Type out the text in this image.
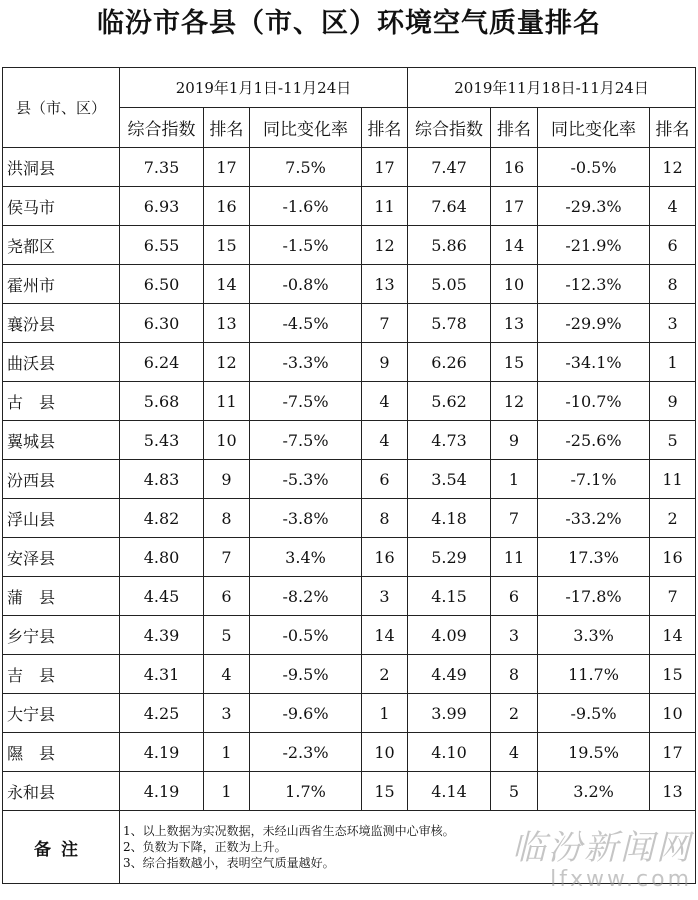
临汾市各县（市、区）环境空气质量排名
县（市、区）	2019年1月1日-11月24日				2019年11月18日-11月24日			
	综合指数	排名	同比变化率	排名	综合指数	排名	同比变化率	排名
洪洞县	7.35	17	7.5%	17	7.47	16	-0.5%	12
侯马市	6.93	16	-1.6%	11	7.64	17	-29.3%	4
尧都区	6.55	15	-1.5%	12	5.86	14	-21.9%	6
霍州市	6.50	14	-0.8%	13	5.05	10	-12.3%	8
襄汾县	6.30	13	-4.5%	7	5.78	13	-29.9%	3
曲沃县	6.24	12	-3.3%	9	6.26	15	-34.1%	1
古　县	5.68	11	-7.5%	4	5.62	12	-10.7%	9
翼城县	5.43	10	-7.5%	4	4.73	9	-25.6%	5
汾西县	4.83	9	-5.3%	6	3.54	1	-7.1%	11
浮山县	4.82	8	-3.8%	8	4.18	7	-33.2%	2
安泽县	4.80	7	3.4%	16	5.29	11	17.3%	16
蒲　县	4.45	6	-8.2%	3	4.15	6	-17.8%	7
乡宁县	4.39	5	-0.5%	14	4.09	3	3.3%	14
吉　县	4.31	4	-9.5%	2	4.49	8	11.7%	15
大宁县	4.25	3	-9.6%	1	3.99	2	-9.5%	10
隰　县	4.19	1	-2.3%	10	4.10	4	19.5%	17
永和县	4.19	1	1.7%	15	4.14	5	3.2%	13
备注	1、以上数据为实况数据，未经山西省生态环境监测中心审核。
2、负数为下降，正数为上升。
3、综合指数越小，表明空气质量越好。								临汾新闻网
lfxww.com
